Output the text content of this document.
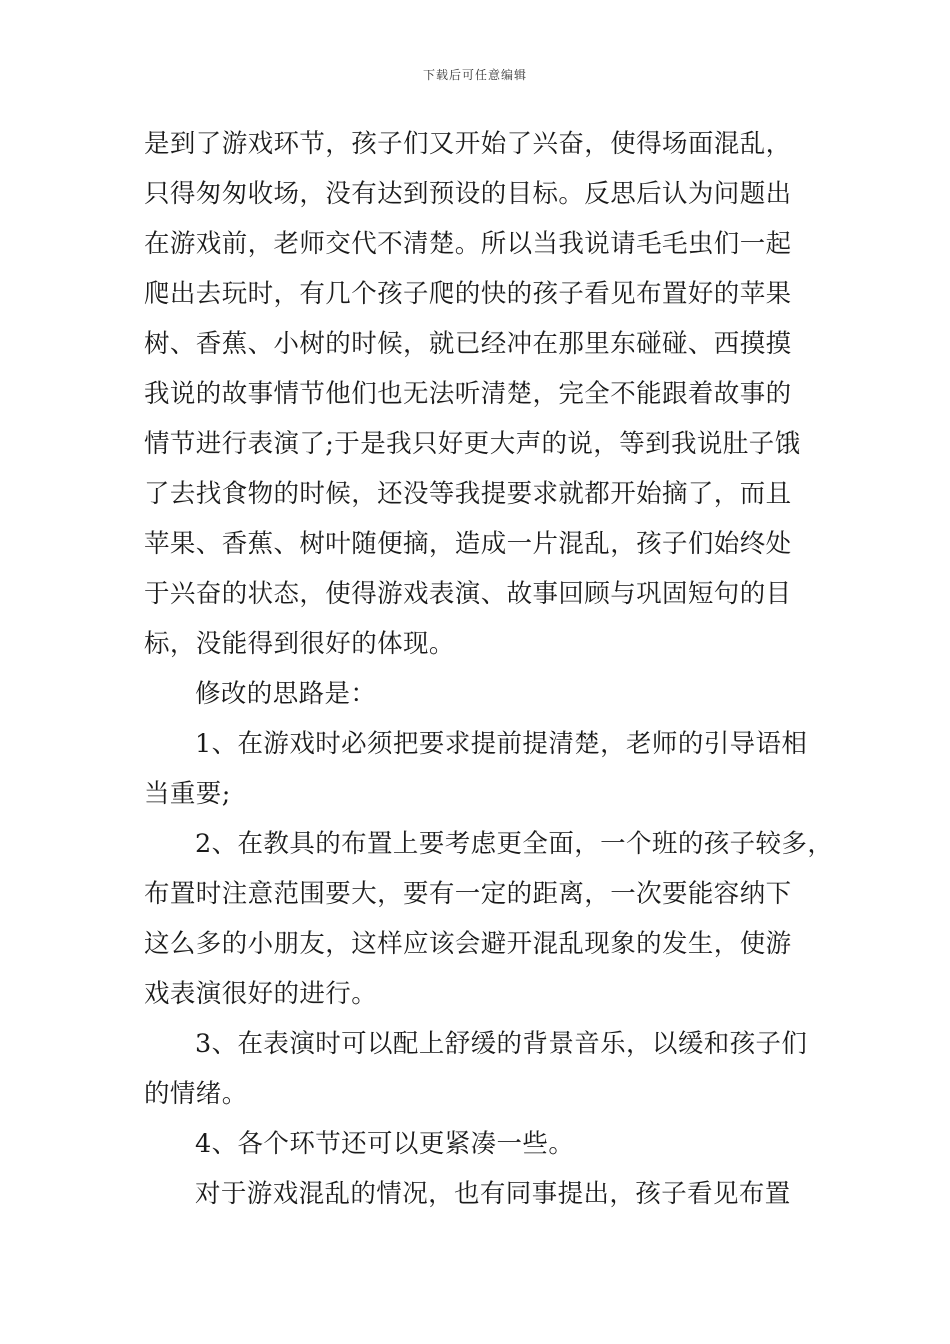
下载后可任意编辑
是到了游戏环节，孩子们又开始了兴奋，使得场面混乱，
只得匆匆收场，没有达到预设的目标。反思后认为问题出
在游戏前，老师交代不清楚。所以当我说请毛毛虫们一起
爬出去玩时，有几个孩子爬的快的孩子看见布置好的苹果
树、香蕉、小树的时候，就已经冲在那里东碰碰、西摸摸
我说的故事情节他们也无法听清楚，完全不能跟着故事的
情节进行表演了;于是我只好更大声的说，等到我说肚子饿
了去找食物的时候，还没等我提要求就都开始摘了，而且
苹果、香蕉、树叶随便摘，造成一片混乱，孩子们始终处
于兴奋的状态，使得游戏表演、故事回顾与巩固短句的目
标，没能得到很好的体现。
修改的思路是：
1、在游戏时必须把要求提前提清楚，老师的引导语相
当重要;
2、在教具的布置上要考虑更全面，一个班的孩子较多，
布置时注意范围要大，要有一定的距离，一次要能容纳下
这么多的小朋友，这样应该会避开混乱现象的发生，使游
戏表演很好的进行。
3、在表演时可以配上舒缓的背景音乐，以缓和孩子们
的情绪。
4、各个环节还可以更紧凑一些。
对于游戏混乱的情况，也有同事提出，孩子看见布置
